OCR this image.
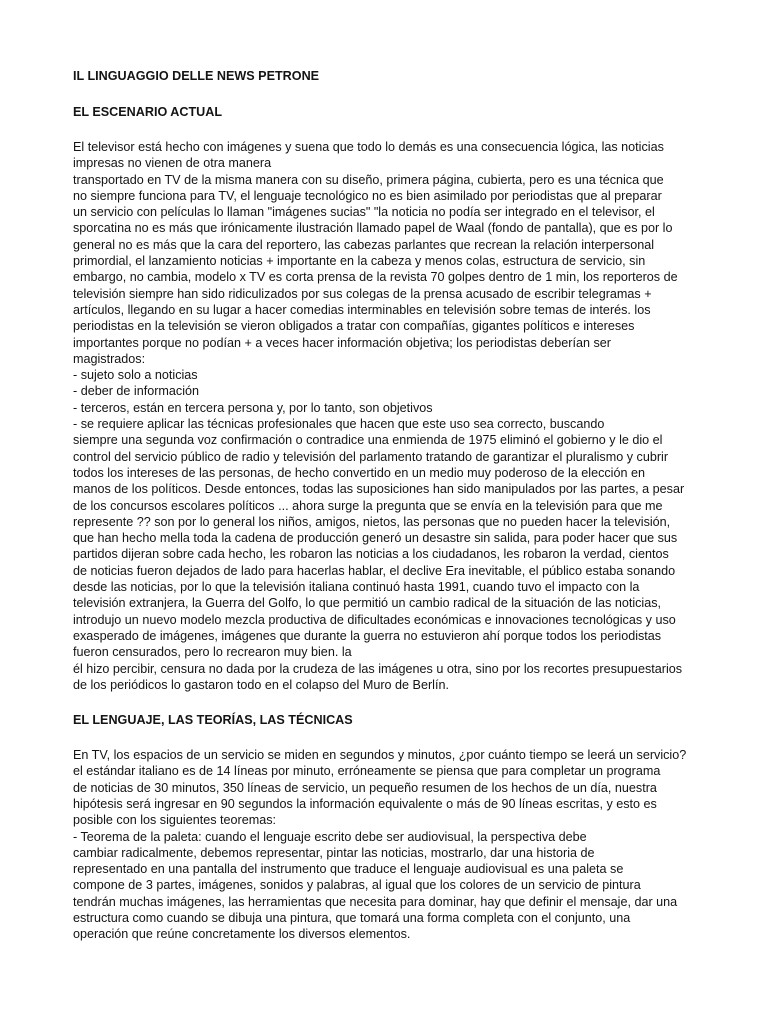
IL LINGUAGGIO DELLE NEWS PETRONE
EL ESCENARIO ACTUAL

El televisor está hecho con imágenes y suena que todo lo demás es una consecuencia lógica, las noticias

impresas no vienen de otra manera

transportado en TV de la misma manera con su diseño, primera página, cubierta, pero es una técnica que

no siempre funciona para TV, el lenguaje tecnológico no es bien asimilado por periodistas que al preparar

un servicio con películas lo llaman "imágenes sucias" "la noticia no podía ser integrado en el televisor, el

sporcatina no es más que irónicamente ilustración llamado papel de Waal (fondo de pantalla), que es por lo

general no es más que la cara del reportero, las cabezas parlantes que recrean la relación interpersonal

primordial, el lanzamiento noticias + importante en la cabeza y menos colas, estructura de servicio, sin

embargo, no cambia, modelo x TV es corta prensa de la revista 70 golpes dentro de 1 min, los reporteros de

televisión siempre han sido ridiculizados por sus colegas de la prensa acusado de escribir telegramas +

artículos, llegando en su lugar a hacer comedias interminables en televisión sobre temas de interés. los

periodistas en la televisión se vieron obligados a tratar con compañías, gigantes políticos e intereses

importantes porque no podían + a veces hacer información objetiva; los periodistas deberían ser

magistrados:

- sujeto solo a noticias

- deber de información

- terceros, están en tercera persona y, por lo tanto, son objetivos

- se requiere aplicar las técnicas profesionales que hacen que este uso sea correcto, buscando

siempre una segunda voz confirmación o contradice una enmienda de 1975 eliminó el gobierno y le dio el

control del servicio público de radio y televisión del parlamento tratando de garantizar el pluralismo y cubrir

todos los intereses de las personas, de hecho convertido en un medio muy poderoso de la elección en

manos de los políticos. Desde entonces, todas las suposiciones han sido manipulados por las partes, a pesar

de los concursos escolares políticos ... ahora surge la pregunta que se envía en la televisión para que me

represente ?? son por lo general los niños, amigos, nietos, las personas que no pueden hacer la televisión,

que han hecho mella toda la cadena de producción generó un desastre sin salida, para poder hacer que sus

partidos dijeran sobre cada hecho, les robaron las noticias a los ciudadanos, les robaron la verdad, cientos

de noticias fueron dejados de lado para hacerlas hablar, el declive Era inevitable, el público estaba sonando

desde las noticias, por lo que la televisión italiana continuó hasta 1991, cuando tuvo el impacto con la

televisión extranjera, la Guerra del Golfo, lo que permitió un cambio radical de la situación de las noticias,

introdujo un nuevo modelo mezcla productiva de dificultades económicas e innovaciones tecnológicas y uso

exasperado de imágenes, imágenes que durante la guerra no estuvieron ahí porque todos los periodistas

fueron censurados, pero lo recrearon muy bien. la

él hizo percibir, censura no dada por la crudeza de las imágenes u otra, sino por los recortes presupuestarios

de los periódicos lo gastaron todo en el colapso del Muro de Berlín.

EL LENGUAJE, LAS TEORÍAS, LAS TÉCNICAS

En TV, los espacios de un servicio se miden en segundos y minutos, ¿por cuánto tiempo se leerá un servicio?

el estándar italiano es de 14 líneas por minuto, erróneamente se piensa que para completar un programa

de noticias de 30 minutos, 350 líneas de servicio, un pequeño resumen de los hechos de un día, nuestra

hipótesis será ingresar en 90 segundos la información equivalente o más de 90 líneas escritas, y esto es

posible con los siguientes teoremas:

- Teorema de la paleta: cuando el lenguaje escrito debe ser audiovisual, la perspectiva debe

cambiar radicalmente, debemos representar, pintar las noticias, mostrarlo, dar una historia de

representado en una pantalla del instrumento que traduce el lenguaje audiovisual es una paleta se

compone de 3 partes, imágenes, sonidos y palabras, al igual que los colores de un servicio de pintura

tendrán muchas imágenes, las herramientas que necesita para dominar, hay que definir el mensaje, dar una

estructura como cuando se dibuja una pintura, que tomará una forma completa con el conjunto, una

operación que reúne concretamente los diversos elementos.
